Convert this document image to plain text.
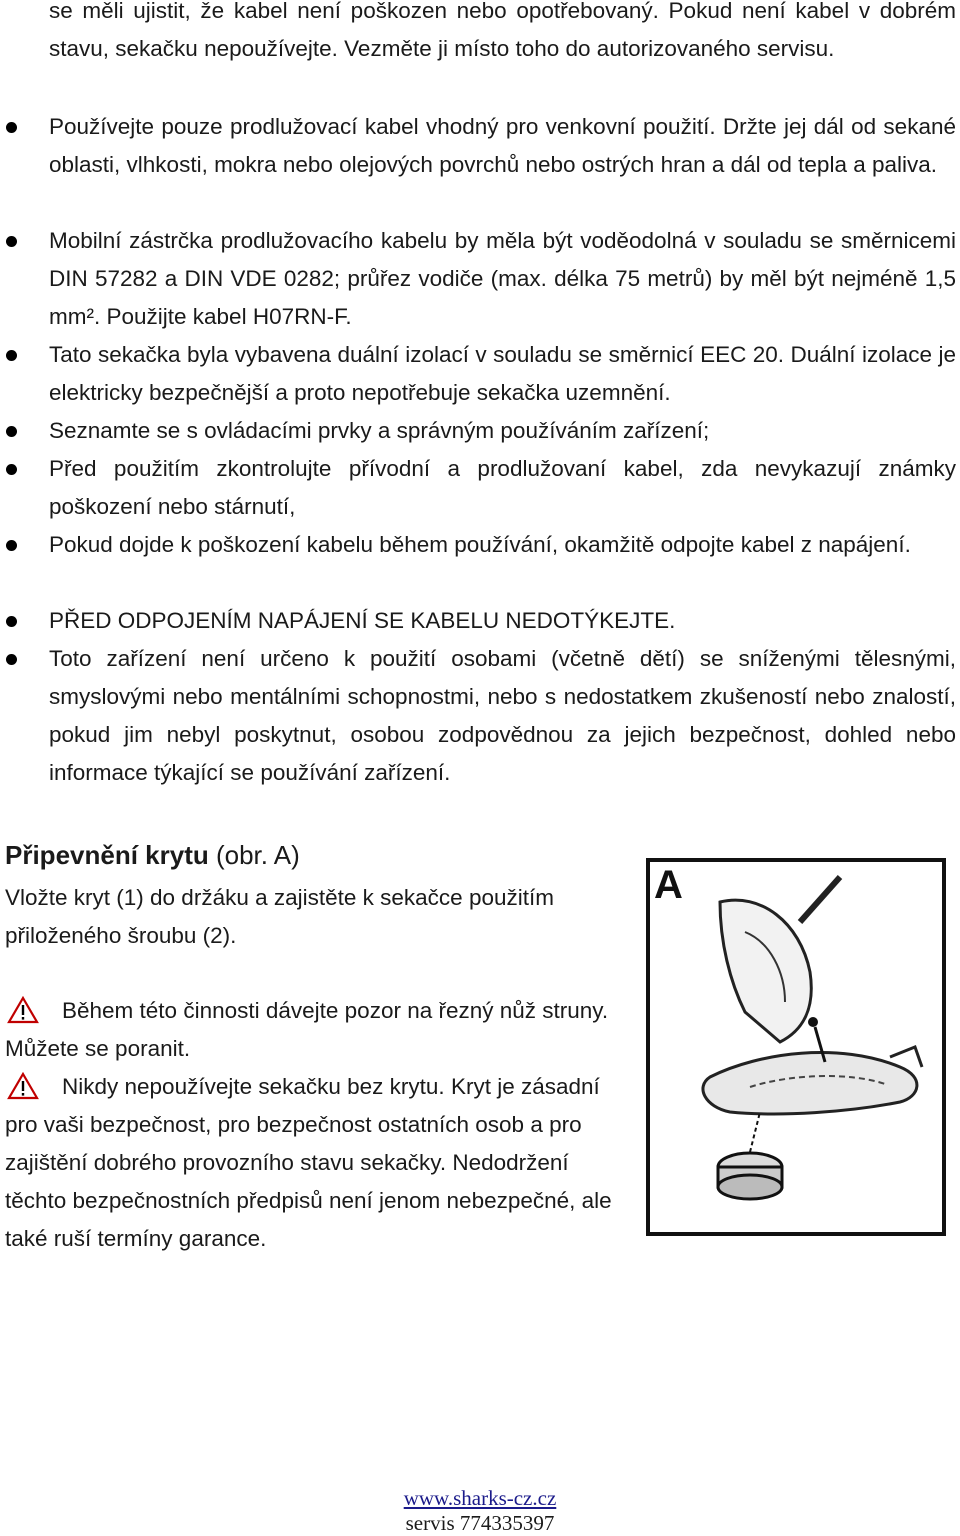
se měli ujistit, že kabel není poškozen nebo opotřebovaný. Pokud není kabel v dobrém stavu, sekačku nepoužívejte. Vezměte ji místo toho do autorizovaného servisu.

Používejte pouze prodlužovací kabel vhodný pro venkovní použití. Držte jej dál od sekané oblasti, vlhkosti, mokra nebo olejových povrchů nebo ostrých hran a dál od tepla a paliva.

Mobilní zástrčka prodlužovacího kabelu by měla být voděodolná v souladu se směrnicemi DIN 57282 a DIN VDE 0282; průřez vodiče (max. délka 75 metrů) by měl být nejméně 1,5 mm². Použijte kabel H07RN-F.

Tato sekačka byla vybavena duální izolací v souladu se směrnicí EEC 20. Duální izolace je elektricky bezpečnější a proto nepotřebuje sekačka uzemnění.

Seznamte se s ovládacími prvky a správným používáním zařízení;

Před použitím zkontrolujte přívodní a prodlužovaní kabel, zda nevykazují známky poškození nebo stárnutí,

Pokud dojde k poškození kabelu během používání, okamžitě odpojte kabel z napájení.

PŘED ODPOJENÍM NAPÁJENÍ SE KABELU NEDOTÝKEJTE.

Toto zařízení není určeno k použití osobami (včetně dětí) se sníženými tělesnými, smyslovými nebo mentálními schopnostmi, nebo s nedostatkem zkušeností nebo znalostí, pokud jim nebyl poskytnut, osobou zodpovědnou za jejich bezpečnost, dohled nebo informace týkající se používání zařízení.

Připevnění krytu (obr. A)

Vložte kryt (1) do držáku a zajistěte k sekačce použitím přiloženého šroubu (2).

Během této činnosti dávejte pozor na řezný nůž struny. Můžete se poranit.

Nikdy nepoužívejte sekačku bez krytu. Kryt je zásadní pro vaši bezpečnost, pro bezpečnost ostatních osob a pro zajištění dobrého provozního stavu sekačky. Nedodržení těchto bezpečnostních předpisů není jenom nebezpečné, ale také ruší termíny garance.

A
www.sharks-cz.cz
servis 774335397
